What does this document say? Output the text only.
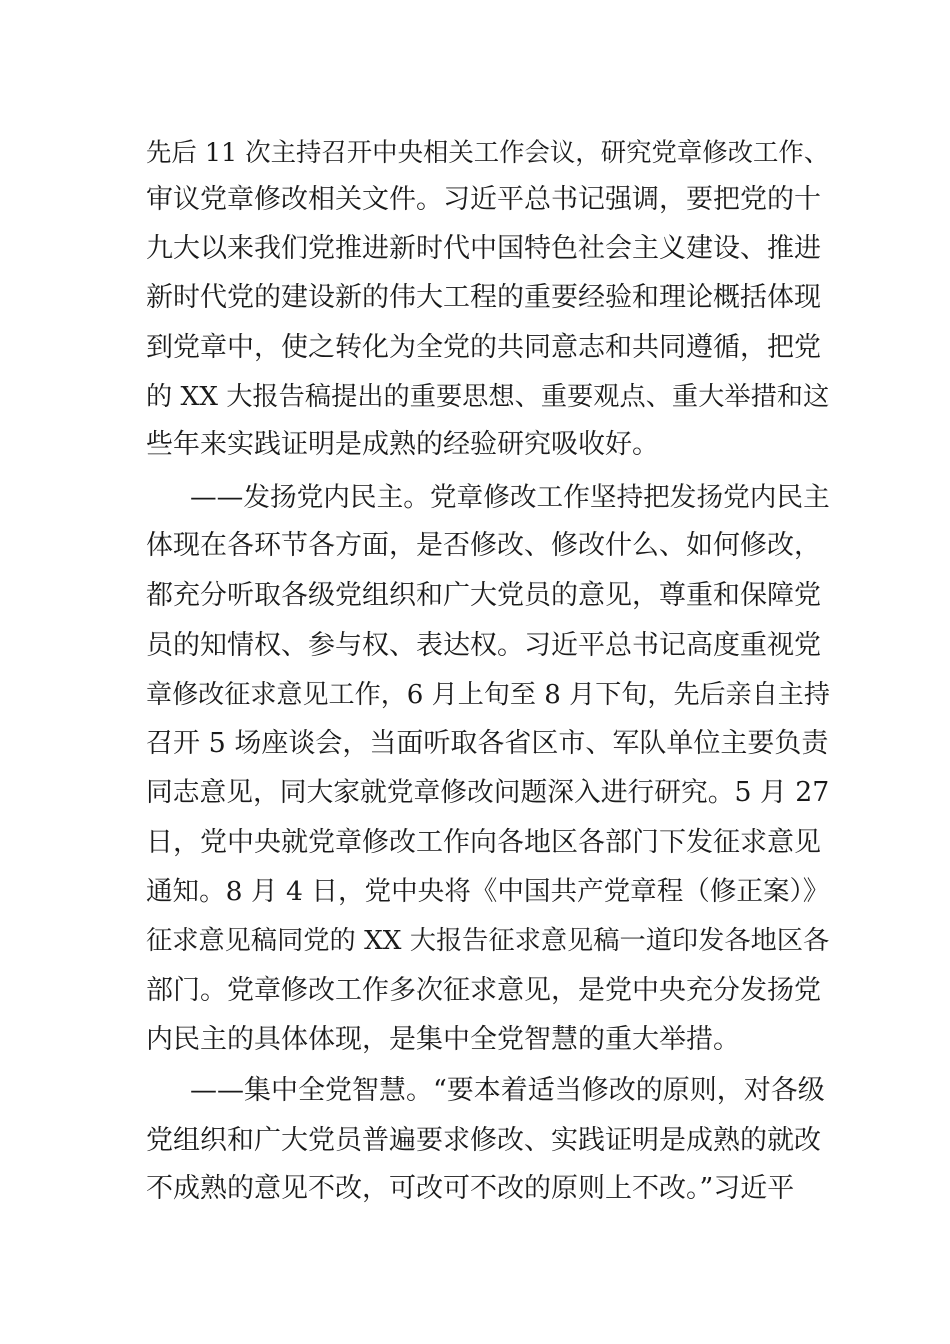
先后 11 次主持召开中央相关工作会议，研究党章修改工作、
审议党章修改相关文件。习近平总书记强调，要把党的十
九大以来我们党推进新时代中国特色社会主义建设、推进
新时代党的建设新的伟大工程的重要经验和理论概括体现
到党章中，使之转化为全党的共同意志和共同遵循，把党
的 XX 大报告稿提出的重要思想、重要观点、重大举措和这
些年来实践证明是成熟的经验研究吸收好。
——发扬党内民主。党章修改工作坚持把发扬党内民主
体现在各环节各方面，是否修改、修改什么、如何修改，
都充分听取各级党组织和广大党员的意见，尊重和保障党
员的知情权、参与权、表达权。习近平总书记高度重视党
章修改征求意见工作，6 月上旬至 8 月下旬，先后亲自主持
召开 5 场座谈会，当面听取各省区市、军队单位主要负责
同志意见，同大家就党章修改问题深入进行研究。5 月 27
日，党中央就党章修改工作向各地区各部门下发征求意见
通知。8 月 4 日，党中央将《中国共产党章程（修正案）》
征求意见稿同党的 XX 大报告征求意见稿一道印发各地区各
部门。党章修改工作多次征求意见，是党中央充分发扬党
内民主的具体体现，是集中全党智慧的重大举措。
——集中全党智慧。“要本着适当修改的原则，对各级
党组织和广大党员普遍要求修改、实践证明是成熟的就改
不成熟的意见不改，可改可不改的原则上不改。”习近平
